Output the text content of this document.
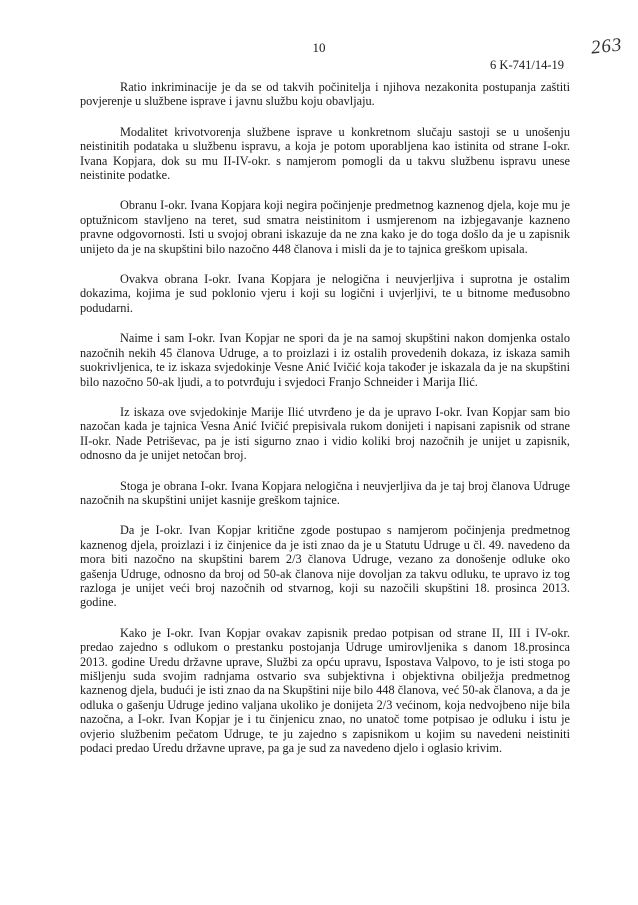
10
6 K-741/14-19
263

Ratio inkriminacije je da se od takvih počinitelja i njihova nezakonita postupanja zaštiti povjerenje u službene isprave i javnu službu koju obavljaju.

Modalitet krivotvorenja službene isprave u konkretnom slučaju sastoji se u unošenju neistinitih podataka u službenu ispravu, a koja je potom uporabljena kao istinita od strane I-okr. Ivana Kopjara, dok su mu II-IV-okr. s namjerom pomogli da u takvu službenu ispravu unese neistinite podatke.

Obranu I-okr. Ivana Kopjara koji negira počinjenje predmetnog kaznenog djela, koje mu je optužnicom stavljeno na teret, sud smatra neistinitom i usmjerenom na izbjegavanje kazneno pravne odgovornosti. Isti u svojoj obrani iskazuje da ne zna kako je do toga došlo da je u zapisnik unijeto da je na skupštini bilo nazočno 448 članova i misli da je to tajnica greškom upisala.

Ovakva obrana I-okr. Ivana Kopjara je nelogična i neuvjerljiva i suprotna je ostalim dokazima, kojima je sud poklonio vjeru i koji su logični i uvjerljivi, te u bitnome međusobno podudarni.

Naime i sam I-okr. Ivan Kopjar ne spori da je na samoj skupštini nakon domjenka ostalo nazočnih nekih 45 članova Udruge, a to proizlazi i iz ostalih provedenih dokaza, iz iskaza samih suokrivljenica, te iz iskaza svjedokinje Vesne Anić Ivičić koja također je iskazala da je na skupštini bilo nazočno 50-ak ljudi, a to potvrđuju i svjedoci Franjo Schneider i Marija Ilić.

Iz iskaza ove svjedokinje Marije Ilić utvrđeno je da je upravo I-okr. Ivan Kopjar sam bio nazočan kada je tajnica Vesna Anić Ivičić prepisivala rukom donijeti i napisani zapisnik od strane II-okr. Nade Petriševac, pa je isti sigurno znao i vidio koliki broj nazočnih je unijet u zapisnik, odnosno da je unijet netočan broj.

Stoga je obrana I-okr. Ivana Kopjara nelogična i neuvjerljiva da je taj broj članova Udruge nazočnih na skupštini unijet kasnije greškom tajnice.

Da je I-okr. Ivan Kopjar kritične zgode postupao s namjerom počinjenja predmetnog kaznenog djela, proizlazi i iz činjenice da je isti znao da je u Statutu Udruge u čl. 49. navedeno da mora biti nazočno na skupštini barem 2/3 članova Udruge, vezano za donošenje odluke oko gašenja Udruge, odnosno da broj od 50-ak članova nije dovoljan za takvu odluku, te upravo iz tog razloga je unijet veći broj nazočnih od stvarnog, koji su nazočili skupštini 18. prosinca 2013. godine.

Kako je I-okr. Ivan Kopjar ovakav zapisnik predao potpisan od strane II, III i IV-okr. predao zajedno s odlukom o prestanku postojanja Udruge umirovljenika s danom 18.prosinca 2013. godine Uredu državne uprave, Službi za opću upravu, Ispostava Valpovo, to je isti stoga po mišljenju suda svojim radnjama ostvario sva subjektivna i objektivna obilježja predmetnog kaznenog djela, budući je isti znao da na Skupštini nije bilo 448 članova, već 50-ak članova, a da je odluka o gašenju Udruge jedino valjana ukoliko je donijeta 2/3 većinom, koja nedvojbeno nije bila nazočna, a I-okr. Ivan Kopjar je i tu činjenicu znao, no unatoč tome potpisao je odluku i istu je ovjerio službenim pečatom Udruge, te ju zajedno s zapisnikom u kojim su navedeni neistiniti podaci predao Uredu državne uprave, pa ga je sud za navedeno djelo i oglasio krivim.
